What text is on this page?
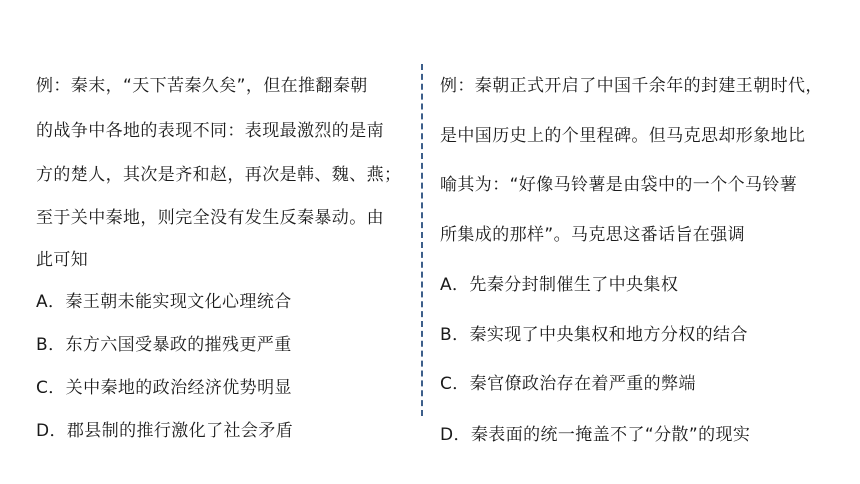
例：秦末，“天下苦秦久矣”，但在推翻秦朝
的战争中各地的表现不同：表现最激烈的是南
方的楚人，其次是齐和赵，再次是韩、魏、燕；
至于关中秦地，则完全没有发生反秦暴动。由
此可知
A．秦王朝未能实现文化心理统合
B．东方六国受暴政的摧残更严重
C．关中秦地的政治经济优势明显
D．郡县制的推行激化了社会矛盾
例：秦朝正式开启了中国千余年的封建王朝时代，
是中国历史上的个里程碑。但马克思却形象地比
喻其为：“好像马铃薯是由袋中的一个个马铃薯
所集成的那样”。马克思这番话旨在强调
A．先秦分封制催生了中央集权
B．秦实现了中央集权和地方分权的结合
C．秦官僚政治存在着严重的弊端
D．秦表面的统一掩盖不了“分散”的现实
